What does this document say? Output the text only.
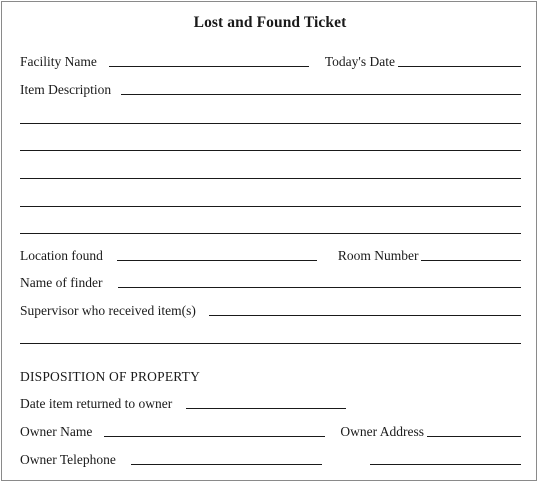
Lost and Found Ticket
Facility Name	Today's Date
Item Description
Location found	Room Number
Name of finder
Supervisor who received item(s)
DISPOSITION OF PROPERTY
Date item returned to owner
Owner Name	Owner Address
Owner Telephone
